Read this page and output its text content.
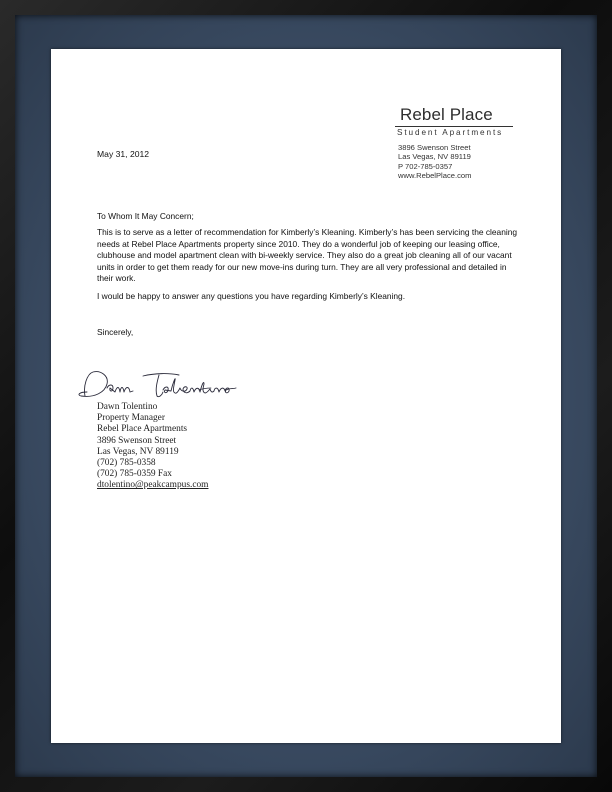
Rebel Place
Student Apartments
3896 Swenson Street
Las Vegas, NV 89119
P 702-785-0357
www.RebelPlace.com
May 31, 2012

To Whom It May Concern;

This is to serve as a letter of recommendation for Kimberly’s Kleaning. Kimberly’s has been servicing the cleaning needs at Rebel Place Apartments property since 2010. They do a wonderful job of keeping our leasing office, clubhouse and model apartment clean with bi-weekly service. They also do a great job cleaning all of our vacant units in order to get them ready for our new move-ins during turn. They are all very professional and detailed in their work.

I would be happy to answer any questions you have regarding Kimberly’s Kleaning.

Sincerely,

Dawn Tolentino
Property Manager
Rebel Place Apartments
3896 Swenson Street
Las Vegas, NV 89119
(702) 785-0358
(702) 785-0359 Fax
dtolentino@peakcampus.com
